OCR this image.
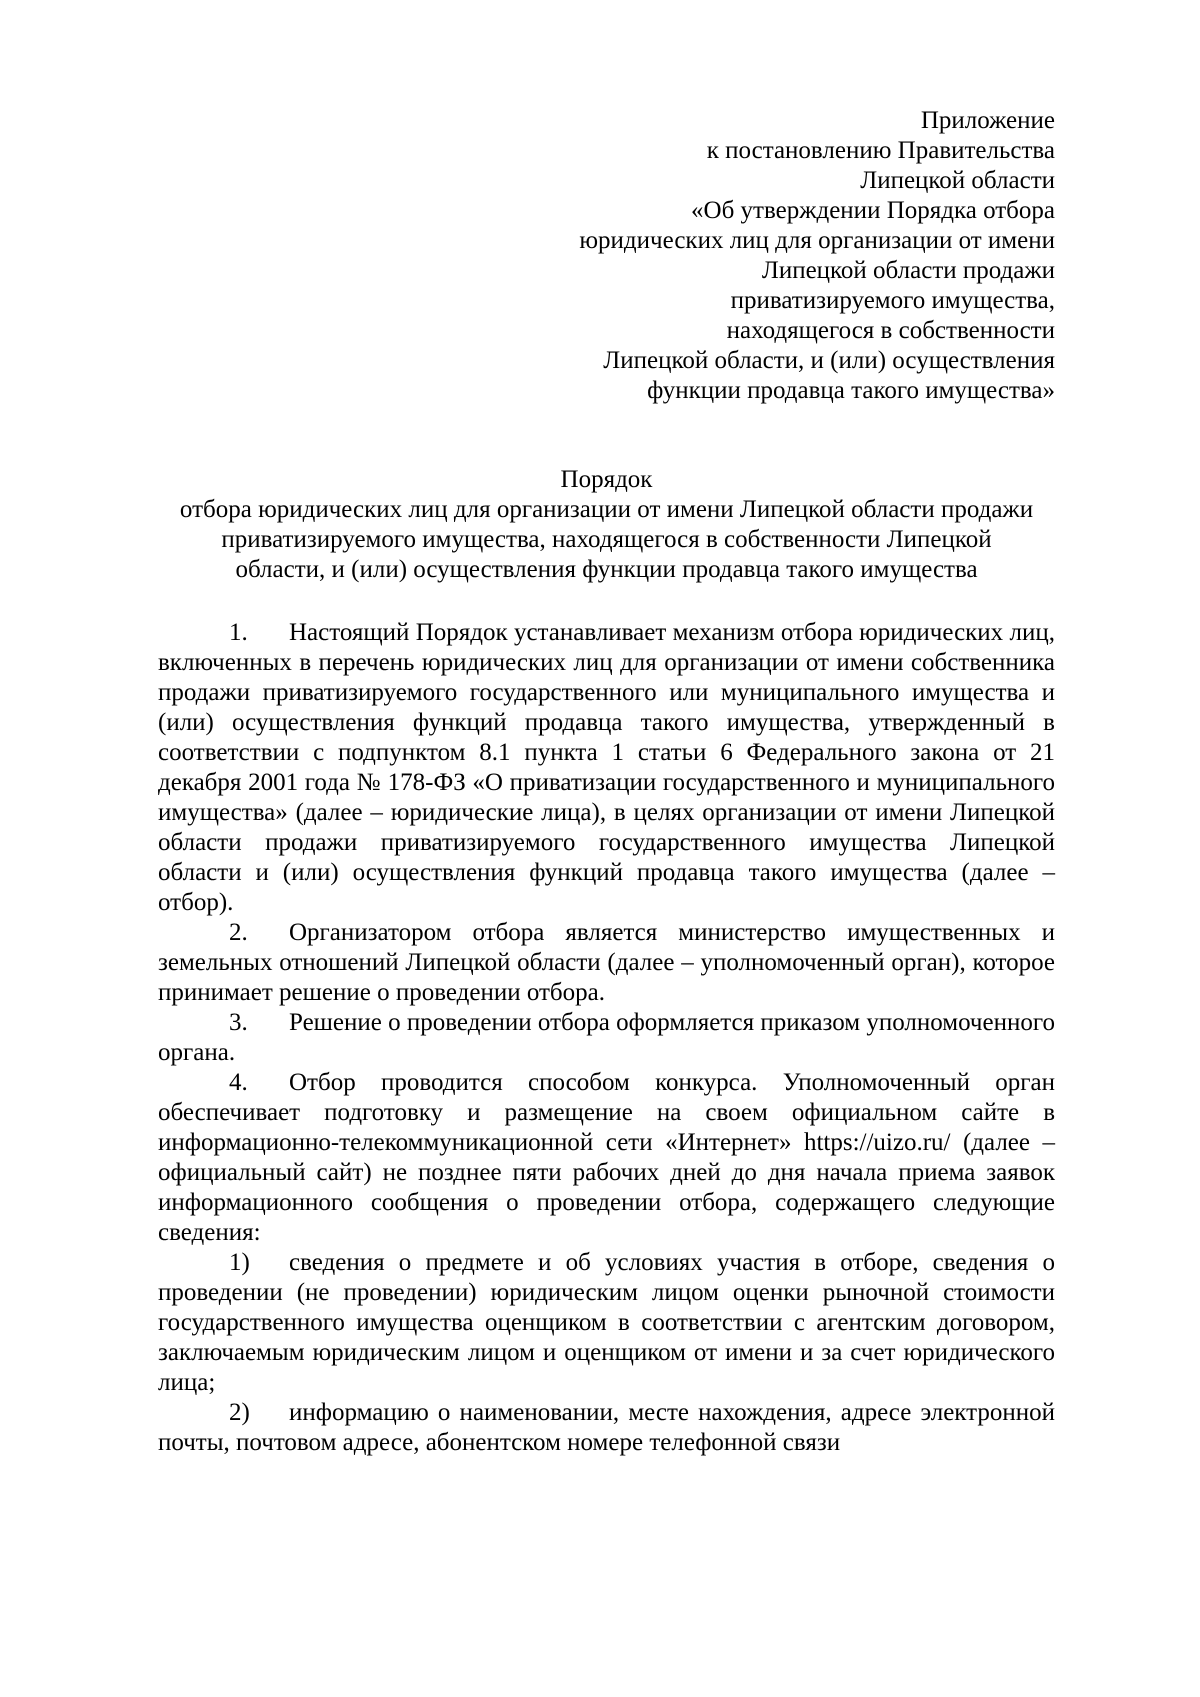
Приложение
к постановлению Правительства
Липецкой области
«Об утверждении Порядка отбора
юридических лиц для организации от имени
Липецкой области продажи
приватизируемого имущества,
находящегося в собственности
Липецкой области, и (или) осуществления
функции продавца такого имущества»
Порядок
отбора юридических лиц для организации от имени Липецкой области продажи
приватизируемого имущества, находящегося в собственности Липецкой
области, и (или) осуществления функции продавца такого имущества

1. Настоящий Порядок устанавливает механизм отбора юридических лиц, включенных в перечень юридических лиц для организации от имени собственника продажи приватизируемого государственного или муниципального имущества и (или) осуществления функций продавца такого имущества, утвержденный в соответствии с подпунктом 8.1 пункта 1 статьи 6 Федерального закона от 21 декабря 2001 года № 178-ФЗ «О приватизации государственного и муниципального имущества» (далее – юридические лица), в целях организации от имени Липецкой области продажи приватизируемого государственного имущества Липецкой области и (или) осуществления функций продавца такого имущества (далее – отбор).

2. Организатором отбора является министерство имущественных и земельных отношений Липецкой области (далее – уполномоченный орган), которое принимает решение о проведении отбора.

3. Решение о проведении отбора оформляется приказом уполномоченного органа.

4. Отбор проводится способом конкурса. Уполномоченный орган обеспечивает подготовку и размещение на своем официальном сайте в информационно-телекоммуникационной сети «Интернет» https://uizo.ru/ (далее – официальный сайт) не позднее пяти рабочих дней до дня начала приема заявок информационного сообщения о проведении отбора, содержащего следующие сведения:

1) сведения о предмете и об условиях участия в отборе, сведения о проведении (не проведении) юридическим лицом оценки рыночной стоимости государственного имущества оценщиком в соответствии с агентским договором, заключаемым юридическим лицом и оценщиком от имени и за счет юридического лица;

2) информацию о наименовании, месте нахождения, адресе электронной почты, почтовом адресе, абонентском номере телефонной связи
